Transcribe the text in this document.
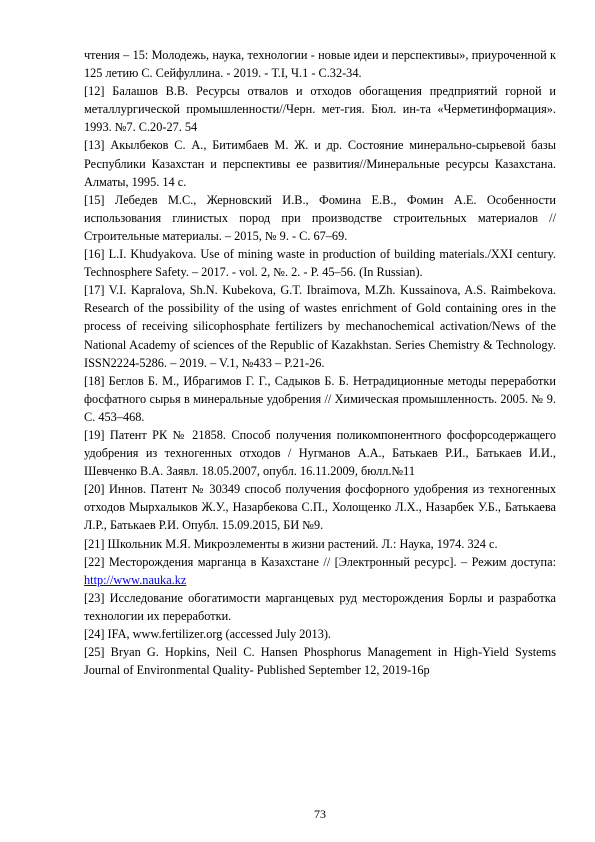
чтения – 15: Молодежь, наука, технологии - новые идеи и перспективы», приуроченной к 125 летию С. Сейфуллина. - 2019. - Т.I, Ч.1 - С.32-34.

[12] Балашов В.В. Ресурсы отвалов и отходов обогащения предприятий горной и металлургической промышленности//Черн. мет-гия. Бюл. ин-та «Черметинформация». 1993. №7. С.20-27. 54

[13] Акылбеков С. А., Битимбаев М. Ж. и др. Состояние минерально-сырьевой базы Республики Казахстан и перспективы ее развития//Минеральные ресурсы Казахстана. Алматы, 1995. 14 с.

[15] Лебедев М.С., Жерновский И.В., Фомина Е.В., Фомин А.Е. Особенности использования глинистых пород при производстве строительных материалов // Строительные материалы. – 2015, № 9. - С. 67–69.

[16] L.I. Khudyakova. Use of mining waste in production of building materials./XXI century. Technosphere Safety. – 2017. - vol. 2, №. 2. - P. 45–56. (In Russian).

[17] V.I. Kapralova, Sh.N. Kubekova, G.T. Ibraimova, M.Zh. Kussainova, A.S. Raimbekova. Research of the possibility of the using of wastes enrichment of Gold containing ores in the process of receiving silicophosphate fertilizers by mechanochemical activation/News of the National Academy of sciences of the Republic of Kazakhstan. Series Chemistry & Technology. ISSN2224-5286. – 2019. – V.1, №433 – P.21-26.

[18] Беглов Б. М., Ибрагимов Г. Г., Садыков Б. Б. Нетрадиционные методы переработки фосфатного сырья в минеральные удобрения // Химическая промышленность. 2005. № 9. С. 453–468.

[19] Патент РК № 21858. Способ получения поликомпонентного фосфорсодержащего удобрения из техногенных отходов / Нугманов А.А., Батькаев Р.И., Батькаев И.И., Шевченко В.А. Заявл. 18.05.2007, опубл. 16.11.2009, бюлл.№11

[20] Иннов. Патент № 30349 способ получения фосфорного удобрения из техногенных отходов Мырхалыков Ж.У., Назарбекова С.П., Холощенко Л.Х., Назарбек У.Б., Батькаева Л.Р., Батькаев Р.И. Опубл. 15.09.2015, БИ №9.

[21] Школьник М.Я. Микроэлементы в жизни растений. Л.: Наука, 1974. 324 с.

[22] Месторождения марганца в Казахстане // [Электронный ресурс]. – Режим доступа: http://www.nauka.kz

[23] Исследование обогатимости марганцевых руд месторождения Борлы и разработка технологии их переработки.

[24] IFA, www.fertilizer.org (accessed July 2013).

[25] Bryan G. Hopkins, Neil C. Hansen Phosphorus Management in High-Yield Systems Journal of Environmental Quality- Published September 12, 2019-16p

73
